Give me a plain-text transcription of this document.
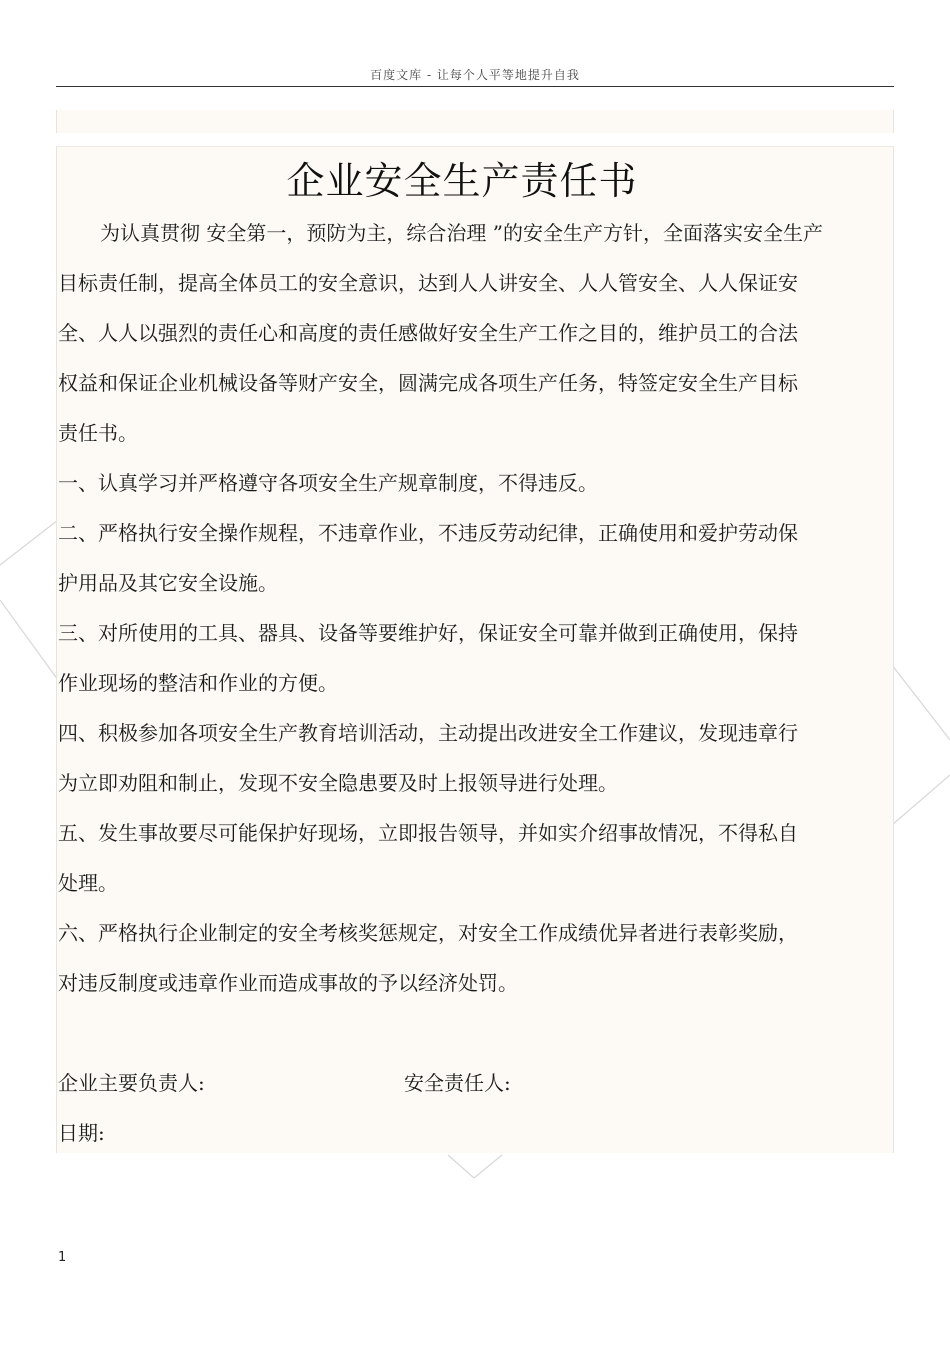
百度文库 - 让每个人平等地提升自我
企业安全生产责任书
为认真贯彻 安全第一，预防为主，综合治理 ”的安全生产方针，全面落实安全生产
目标责任制，提高全体员工的安全意识，达到人人讲安全、人人管安全、人人保证安
全、人人以强烈的责任心和高度的责任感做好安全生产工作之目的，维护员工的合法
权益和保证企业机械设备等财产安全，圆满完成各项生产任务，特签定安全生产目标
责任书。
一、认真学习并严格遵守各项安全生产规章制度，不得违反。
二、严格执行安全操作规程，不违章作业，不违反劳动纪律，正确使用和爱护劳动保
护用品及其它安全设施。
三、对所使用的工具、器具、设备等要维护好，保证安全可靠并做到正确使用，保持
作业现场的整洁和作业的方便。
四、积极参加各项安全生产教育培训活动，主动提出改进安全工作建议，发现违章行
为立即劝阻和制止，发现不安全隐患要及时上报领导进行处理。
五、发生事故要尽可能保护好现场，立即报告领导，并如实介绍事故情况，不得私自
处理。
六、严格执行企业制定的安全考核奖惩规定，对安全工作成绩优异者进行表彰奖励，
对违反制度或违章作业而造成事故的予以经济处罚。
企业主要负责人:	安全责任人:
日期:
1
